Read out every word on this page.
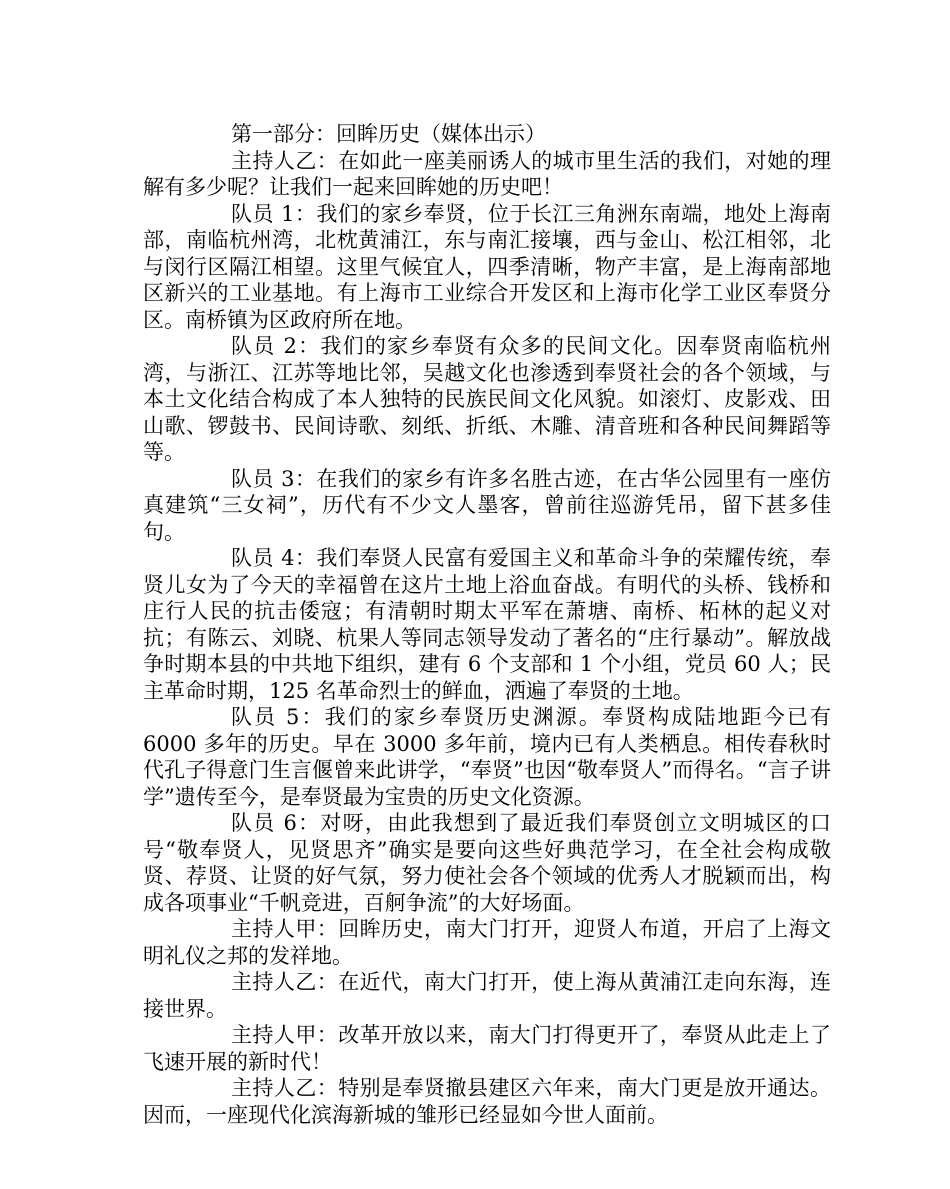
第一部分：回眸历史（媒体出示）

主持人乙：在如此一座美丽诱人的城市里生活的我们，对她的理解有多少呢？让我们一起来回眸她的历史吧！

队员 1：我们的家乡奉贤，位于长江三角洲东南端，地处上海南部，南临杭州湾，北枕黄浦江，东与南汇接壤，西与金山、松江相邻，北与闵行区隔江相望。这里气候宜人，四季清晰，物产丰富，是上海南部地区新兴的工业基地。有上海市工业综合开发区和上海市化学工业区奉贤分区。南桥镇为区政府所在地。

队员 2：我们的家乡奉贤有众多的民间文化。因奉贤南临杭州湾，与浙江、江苏等地比邻，吴越文化也渗透到奉贤社会的各个领域，与本土文化结合构成了本人独特的民族民间文化风貌。如滚灯、皮影戏、田山歌、锣鼓书、民间诗歌、刻纸、折纸、木雕、清音班和各种民间舞蹈等等。

队员 3：在我们的家乡有许多名胜古迹，在古华公园里有一座仿真建筑“三女祠”，历代有不少文人墨客，曾前往巡游凭吊，留下甚多佳句。

队员 4：我们奉贤人民富有爱国主义和革命斗争的荣耀传统，奉贤儿女为了今天的幸福曾在这片土地上浴血奋战。有明代的头桥、钱桥和庄行人民的抗击倭寇；有清朝时期太平军在萧塘、南桥、柘林的起义对抗；有陈云、刘晓、杭果人等同志领导发动了著名的“庄行暴动”。解放战争时期本县的中共地下组织，建有 6 个支部和 1 个小组，党员 60 人；民主革命时期，125 名革命烈士的鲜血，洒遍了奉贤的土地。

队员 5：我们的家乡奉贤历史渊源。奉贤构成陆地距今已有 6000 多年的历史。早在 3000 多年前，境内已有人类栖息。相传春秋时代孔子得意门生言偃曾来此讲学，“奉贤”也因“敬奉贤人”而得名。“言子讲学”遗传至今，是奉贤最为宝贵的历史文化资源。

队员 6：对呀，由此我想到了最近我们奉贤创立文明城区的口号“敬奉贤人，见贤思齐”确实是要向这些好典范学习，在全社会构成敬贤、荐贤、让贤的好气氛，努力使社会各个领域的优秀人才脱颖而出，构成各项事业“千帆竞进，百舸争流”的大好场面。

主持人甲：回眸历史，南大门打开，迎贤人布道，开启了上海文明礼仪之邦的发祥地。

主持人乙：在近代，南大门打开，使上海从黄浦江走向东海，连接世界。

主持人甲：改革开放以来，南大门打得更开了，奉贤从此走上了飞速开展的新时代！

主持人乙：特别是奉贤撤县建区六年来，南大门更是放开通达。因而，一座现代化滨海新城的雏形已经显如今世人面前。
